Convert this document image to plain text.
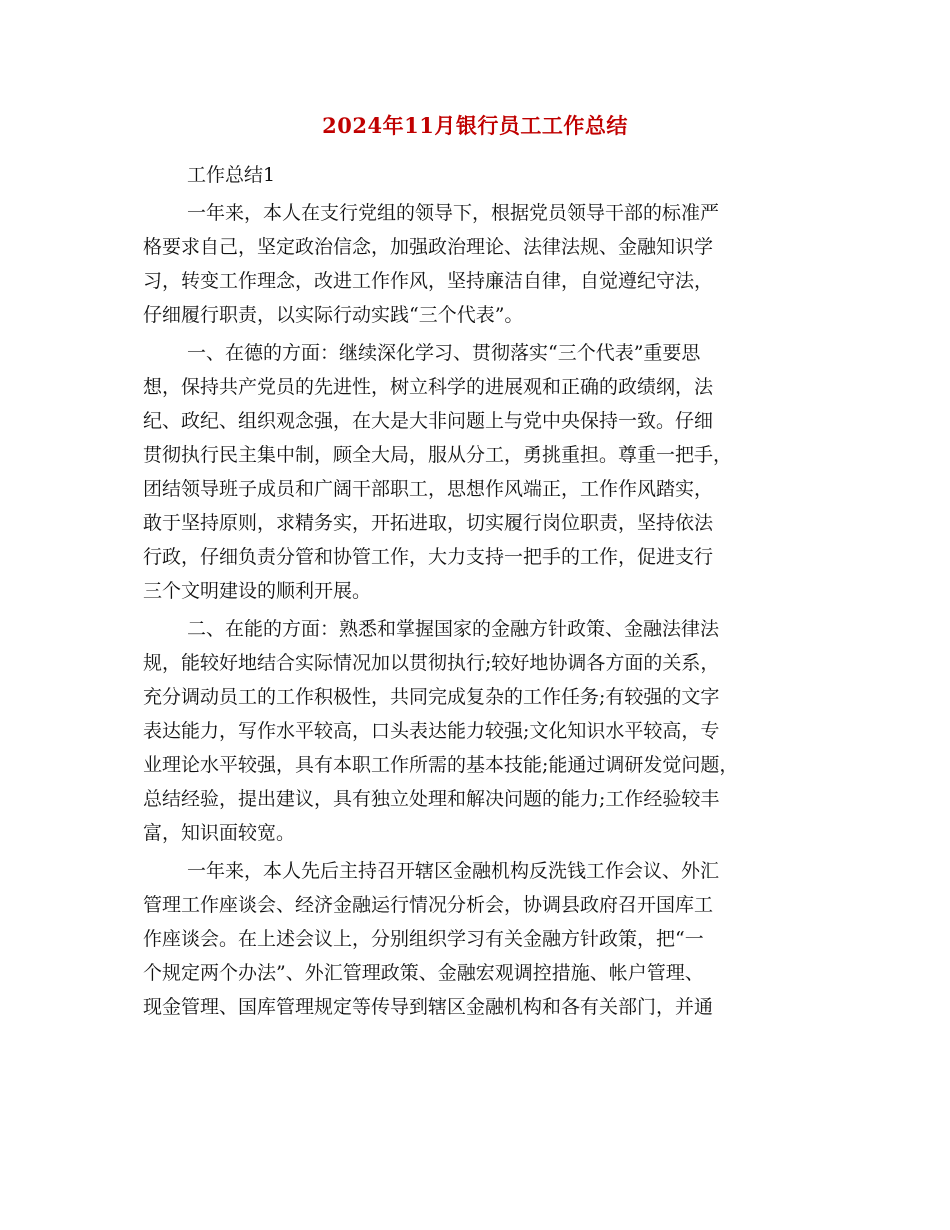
2024年11月银行员工工作总结
工作总结1
一年来，本人在支行党组的领导下，根据党员领导干部的标准严
格要求自己，坚定政治信念，加强政治理论、法律法规、金融知识学
习，转变工作理念，改进工作作风，坚持廉洁自律，自觉遵纪守法，
仔细履行职责，以实际行动实践“三个代表”。
一、在德的方面：继续深化学习、贯彻落实“三个代表”重要思
想，保持共产党员的先进性，树立科学的进展观和正确的政绩纲，法
纪、政纪、组织观念强，在大是大非问题上与党中央保持一致。仔细
贯彻执行民主集中制，顾全大局，服从分工，勇挑重担。尊重一把手，
团结领导班子成员和广阔干部职工，思想作风端正，工作作风踏实，
敢于坚持原则，求精务实，开拓进取，切实履行岗位职责，坚持依法
行政，仔细负责分管和协管工作，大力支持一把手的工作，促进支行
三个文明建设的顺利开展。
二、在能的方面：熟悉和掌握国家的金融方针政策、金融法律法
规，能较好地结合实际情况加以贯彻执行;较好地协调各方面的关系，
充分调动员工的工作积极性，共同完成复杂的工作任务;有较强的文字
表达能力，写作水平较高，口头表达能力较强;文化知识水平较高，专
业理论水平较强，具有本职工作所需的基本技能;能通过调研发觉问题，
总结经验，提出建议，具有独立处理和解决问题的能力;工作经验较丰
富，知识面较宽。
一年来，本人先后主持召开辖区金融机构反洗钱工作会议、外汇
管理工作座谈会、经济金融运行情况分析会，协调县政府召开国库工
作座谈会。在上述会议上，分别组织学习有关金融方针政策，把“一
个规定两个办法”、外汇管理政策、金融宏观调控措施、帐户管理、
现金管理、国库管理规定等传导到辖区金融机构和各有关部门，并通
